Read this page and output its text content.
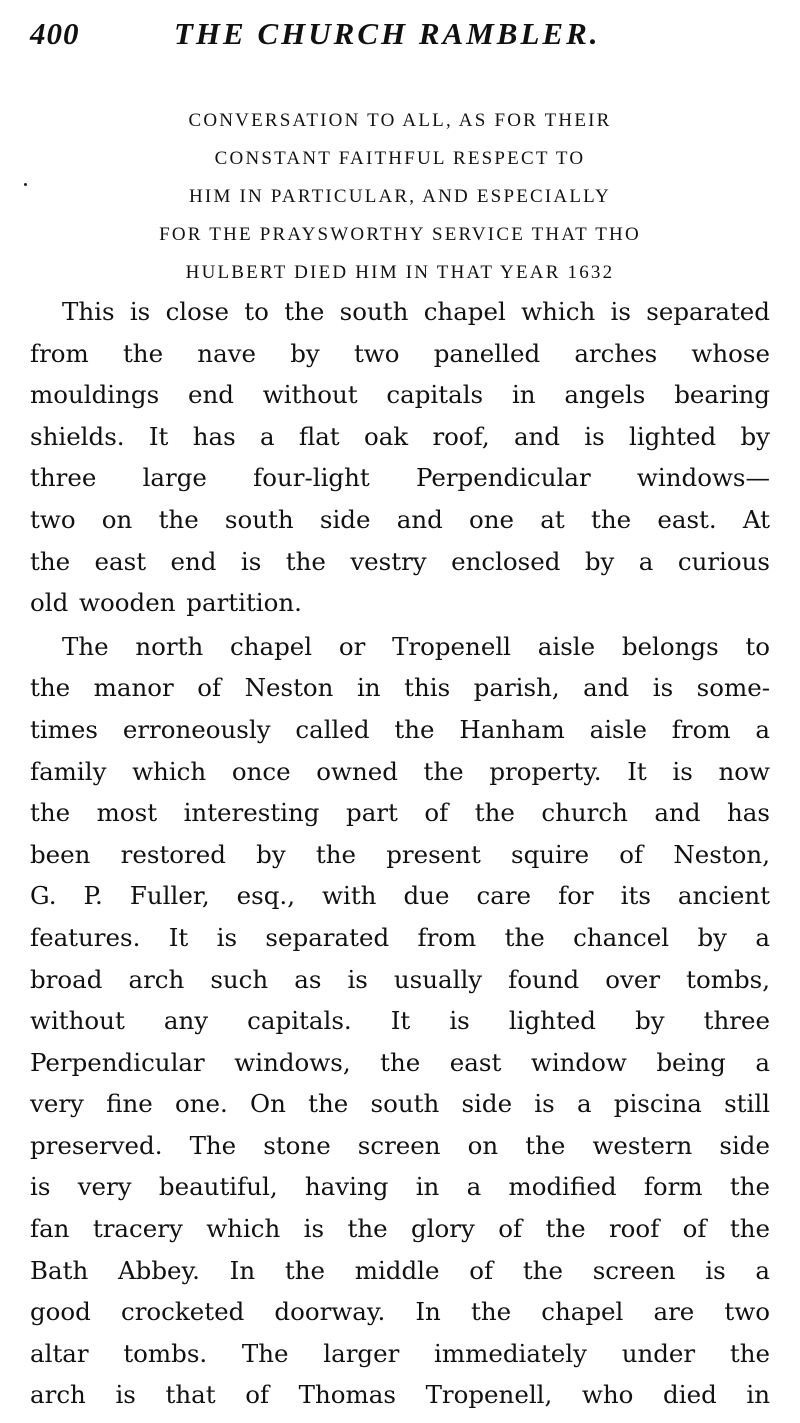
400	THE CHURCH RAMBLER.
CONVERSATION TO ALL, AS FOR THEIR
CONSTANT FAITHFUL RESPECT TO
HIM IN PARTICULAR, AND ESPECIALLY
FOR THE PRAYSWORTHY SERVICE THAT THO
HULBERT DIED HIM IN THAT YEAR 1632
This is close to the south chapel which is separated
from the nave by two panelled arches whose
mouldings end without capitals in angels bearing
shields. It has a flat oak roof, and is lighted by
three large four-light Perpendicular windows—
two on the south side and one at the east. At
the east end is the vestry enclosed by a curious
old wooden partition.
The north chapel or Tropenell aisle belongs to
the manor of Neston in this parish, and is some-
times erroneously called the Hanham aisle from a
family which once owned the property. It is now
the most interesting part of the church and has
been restored by the present squire of Neston,
G. P. Fuller, esq., with due care for its ancient
features. It is separated from the chancel by a
broad arch such as is usually found over tombs,
without any capitals. It is lighted by three
Perpendicular windows, the east window being a
very fine one. On the south side is a piscina still
preserved. The stone screen on the western side
is very beautiful, having in a modified form the
fan tracery which is the glory of the roof of the
Bath Abbey. In the middle of the screen is a
good crocketed doorway. In the chapel are two
altar tombs. The larger immediately under the
arch is that of Thomas Tropenell, who died in
